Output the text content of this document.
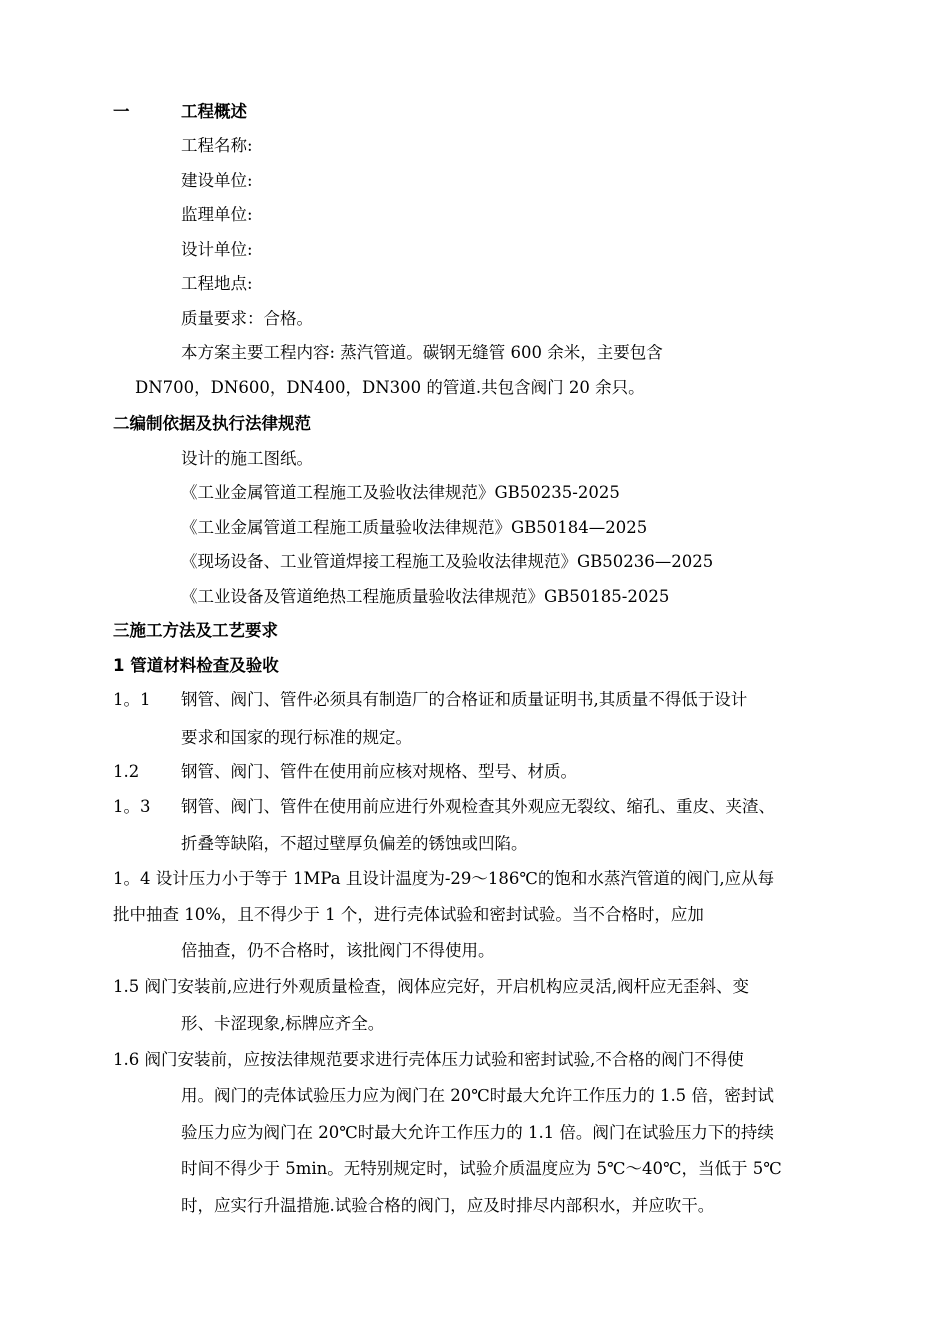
一	工程概述
工程名称:
建设单位:
监理单位:
设计单位:
工程地点:
质量要求：合格。
本方案主要工程内容: 蒸汽管道。碳钢无缝管 600 余米，主要包含
DN700，DN600，DN400，DN300 的管道.共包含阀门 20 余只。
二编制依据及执行法律规范
设计的施工图纸。
《工业金属管道工程施工及验收法律规范》GB50235-2025
《工业金属管道工程施工质量验收法律规范》GB50184—2025
《现场设备、工业管道焊接工程施工及验收法律规范》GB50236—2025
《工业设备及管道绝热工程施质量验收法律规范》GB50185-2025
三施工方法及工艺要求
1 管道材料检查及验收
1。1 钢管、阀门、管件必须具有制造厂的合格证和质量证明书,其质量不得低于设计
要求和国家的现行标准的规定。
1.2	钢管、阀门、管件在使用前应核对规格、型号、材质。
1。3 钢管、阀门、管件在使用前应进行外观检查其外观应无裂纹、缩孔、重皮、夹渣、
折叠等缺陷，不超过壁厚负偏差的锈蚀或凹陷。
1。4 设计压力小于等于 1MPa 且设计温度为-29～186℃的饱和水蒸汽管道的阀门,应从每
批中抽查 10%，且不得少于 1 个，进行壳体试验和密封试验。当不合格时，应加
倍抽查，仍不合格时，该批阀门不得使用。
1.5 阀门安装前,应进行外观质量检查，阀体应完好，开启机构应灵活,阀杆应无歪斜、变
形、卡涩现象,标牌应齐全。
1.6 阀门安装前，应按法律规范要求进行壳体压力试验和密封试验,不合格的阀门不得使
用。阀门的壳体试验压力应为阀门在 20℃时最大允许工作压力的 1.5 倍，密封试
验压力应为阀门在 20℃时最大允许工作压力的 1.1 倍。阀门在试验压力下的持续
时间不得少于 5min。无特别规定时，试验介质温度应为 5℃～40℃，当低于 5℃
时，应实行升温措施.试验合格的阀门，应及时排尽内部积水，并应吹干。
